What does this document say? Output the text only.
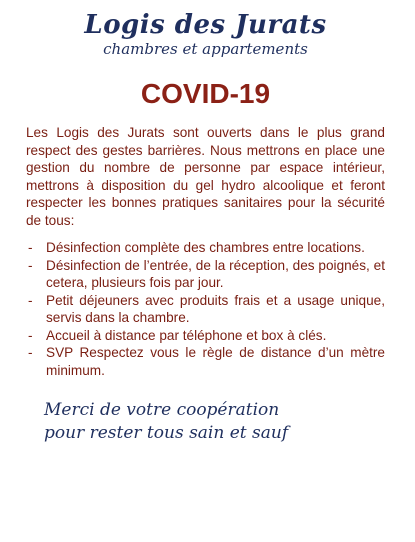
Logis des Jurats

chambres et appartements

COVID-19

Les Logis des Jurats sont ouverts dans le plus grand respect des gestes barrières. Nous mettrons en place une gestion du nombre de personne par espace intérieur, mettrons à disposition du gel hydro alcoolique et feront respecter les bonnes pratiques sanitaires pour la sécurité de tous:

- Désinfection complète des chambres entre locations.
- Désinfection de l’entrée, de la réception, des poignés, et cetera, plusieurs fois par jour.
- Petit déjeuners avec produits frais et a usage unique, servis dans la chambre.
- Accueil à distance par téléphone et box à clés.
- SVP Respectez vous le règle de distance d’un mètre minimum.
Merci de votre coopération
pour rester tous sain et sauf
